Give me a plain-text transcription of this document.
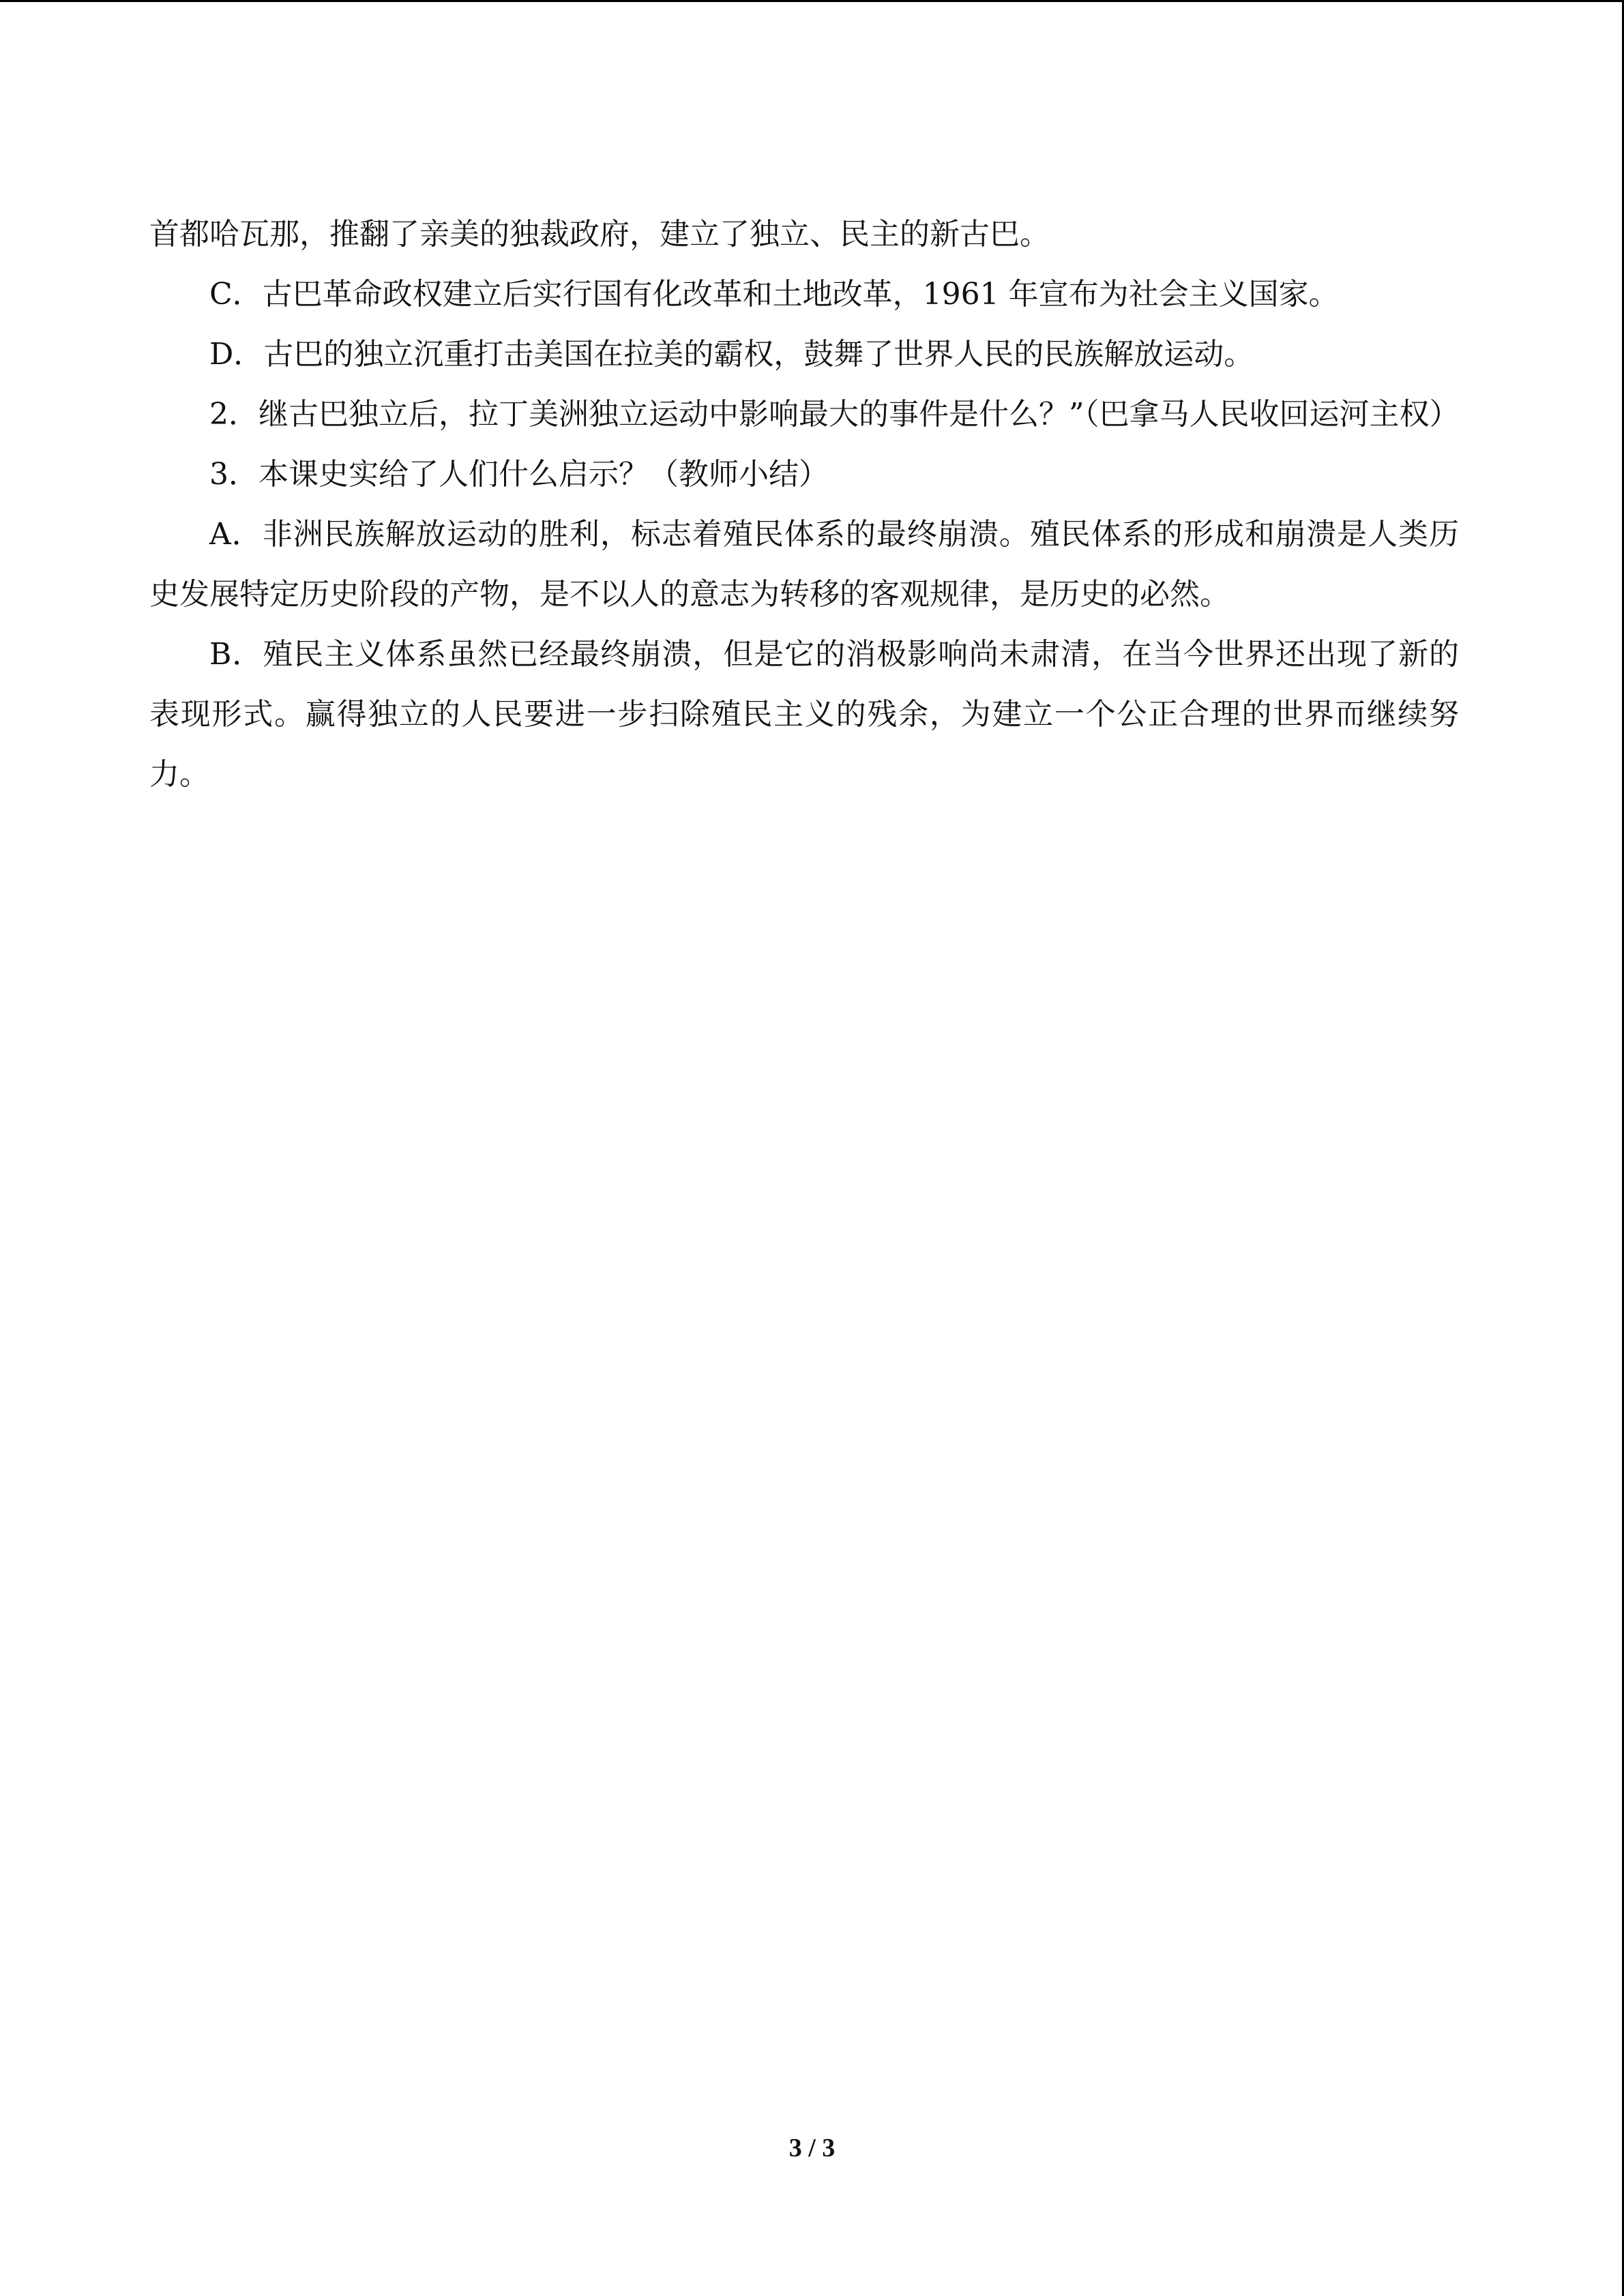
首都哈瓦那，推翻了亲美的独裁政府，建立了独立、民主的新古巴。

C．古巴革命政权建立后实行国有化改革和土地改革，1961 年宣布为社会主义国家。

D．古巴的独立沉重打击美国在拉美的霸权，鼓舞了世界人民的民族解放运动。

2．继古巴独立后，拉丁美洲独立运动中影响最大的事件是什么？”（巴拿马人民收回运河主权）

3．本课史实给了人们什么启示？（教师小结）

A．非洲民族解放运动的胜利，标志着殖民体系的最终崩溃。殖民体系的形成和崩溃是人类历史发展特定历史阶段的产物，是不以人的意志为转移的客观规律，是历史的必然。

B．殖民主义体系虽然已经最终崩溃，但是它的消极影响尚未肃清，在当今世界还出现了新的表现形式。赢得独立的人民要进一步扫除殖民主义的残余，为建立一个公正合理的世界而继续努力。

3 / 3
